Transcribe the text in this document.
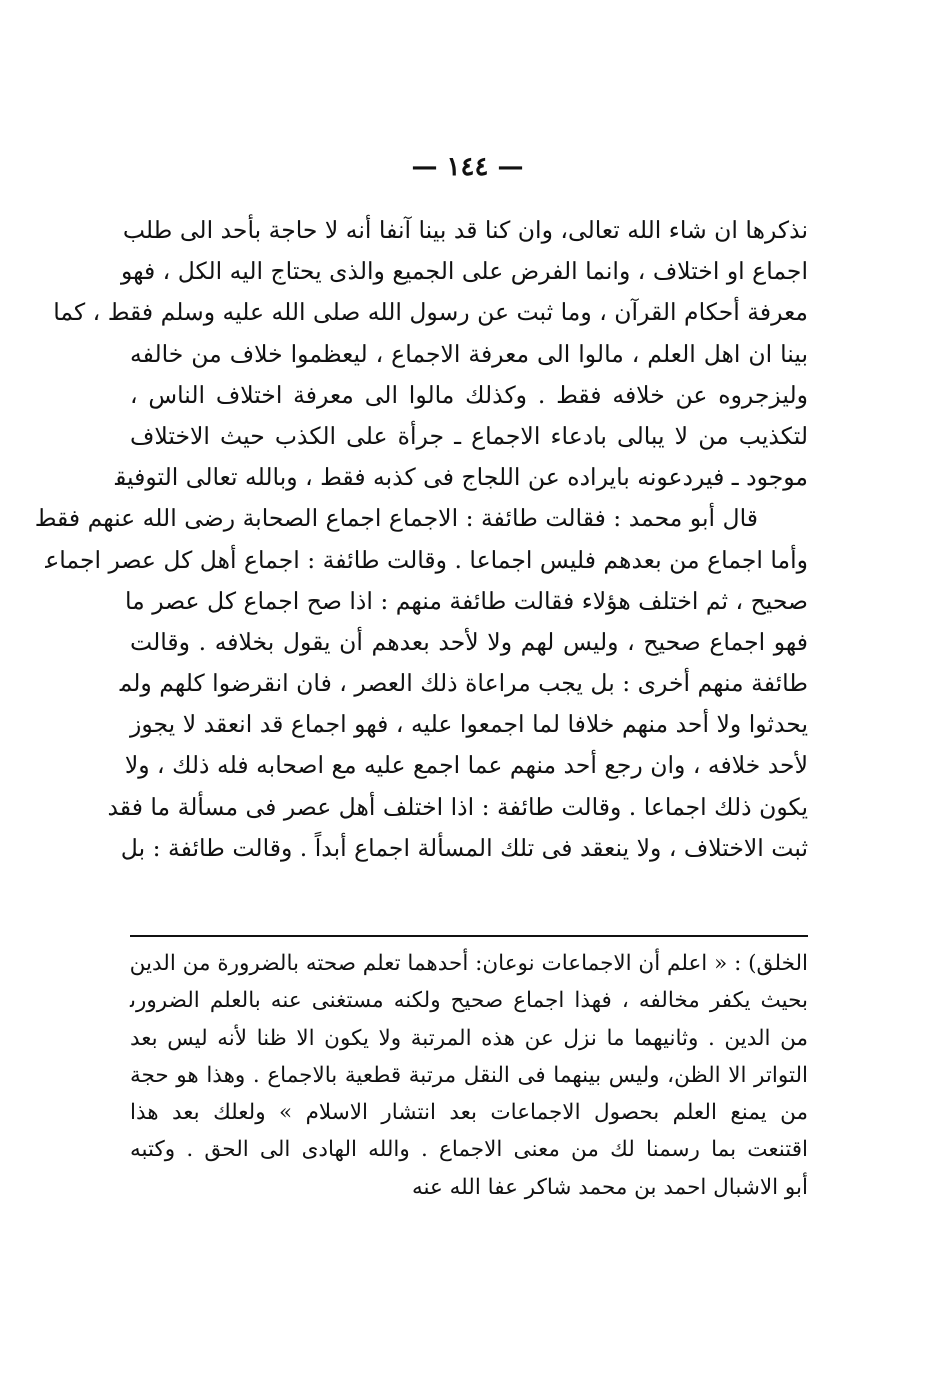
— ١٤٤ —
نذكرها ان شاء الله تعالى، وان كنا قد بينا آنفا أنه لا حاجة بأحد الى طلب
اجماع او اختلاف ، وانما الفرض على الجميع والذى يحتاج اليه الكل ، فهو
معرفة أحكام القرآن ، وما ثبت عن رسول الله صلى الله عليه وسلم فقط ، كما
بينا ان اهل العلم ، مالوا الى معرفة الاجماع ، ليعظموا خلاف من خالفه
وليزجروه عن خلافه فقط . وكذلك مالوا الى معرفة اختلاف الناس ،
لتكذيب من لا يبالى بادعاء الاجماع ـ جرأة على الكذب حيث الاختلاف
موجود ـ فيردعونه بايراده عن اللجاج فى كذبه فقط ، وبالله تعالى التوفيق
قال أبو محمد : فقالت طائفة : الاجماع اجماع الصحابة رضى الله عنهم فقط
وأما اجماع من بعدهم فليس اجماعا . وقالت طائفة : اجماع أهل كل عصر اجماع
صحيح ، ثم اختلف هؤلاء فقالت طائفة منهم : اذا صح اجماع كل عصر ما
فهو اجماع صحيح ، وليس لهم ولا لأحد بعدهم أن يقول بخلافه . وقالت
طائفة منهم أخرى : بل يجب مراعاة ذلك العصر ، فان انقرضوا كلهم ولم
يحدثوا ولا أحد منهم خلافا لما اجمعوا عليه ، فهو اجماع قد انعقد لا يجوز
لأحد خلافه ، وان رجع أحد منهم عما اجمع عليه مع اصحابه فله ذلك ، ولا
يكون ذلك اجماعا . وقالت طائفة : اذا اختلف أهل عصر فى مسألة ما فقد
ثبت الاختلاف ، ولا ينعقد فى تلك المسألة اجماع أبداً . وقالت طائفة : بل
الخلق) : « اعلم أن الاجماعات نوعان: أحدهما تعلم صحته بالضرورة من الدين
بحيث يكفر مخالفه ، فهذا اجماع صحيح ولكنه مستغنى عنه بالعلم الضرورى
من الدين . وثانيهما ما نزل عن هذه المرتبة ولا يكون الا ظنا لأنه ليس بعد
التواتر الا الظن، وليس بينهما فى النقل مرتبة قطعية بالاجماع . وهذا هو حجة
من يمنع العلم بحصول الاجماعات بعد انتشار الاسلام » ولعلك بعد هذا
اقتنعت بما رسمنا لك من معنى الاجماع . والله الهادى الى الحق . وكتبه
أبو الاشبال احمد بن محمد شاكر عفا الله عنه
